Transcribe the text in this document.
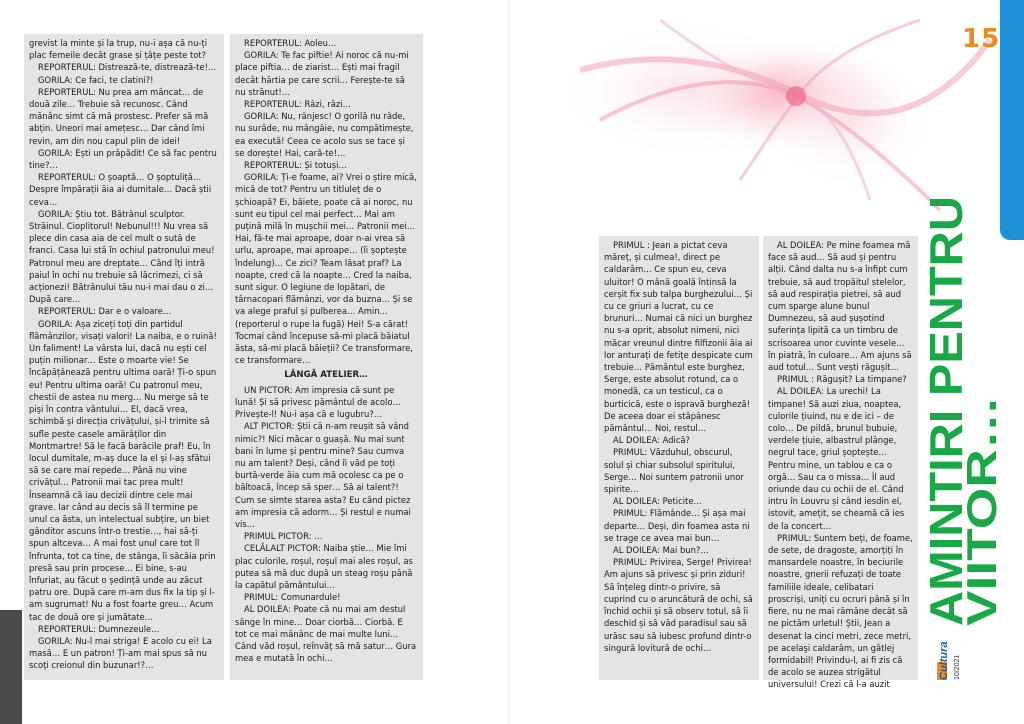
grevist la minte și la trup, nu-i așa că nu-ți plac femeile decât grase și țâțe peste tot?

REPORTERUL: Distrează-te, distrează-te!…

GORILA: Ce faci, te clatini?!

REPORTERUL: Nu prea am mâncat… de două zile… Trebuie să recunosc. Când mănânc simt că mă prostesc. Prefer să mă abțin. Uneori mai amețesc… Dar când îmi revin, am din nou capul plin de idei!

GORILA: Ești un prăpădit! Ce să fac pentru tine?…

REPORTERUL: O șoaptă… O șoptuliță… Despre împărații ăia ai dumitale… Dacă știi ceva…

GORILA: Știu tot. Bătrânul sculptor. Străinul. Cioplitorul! Nebunul!!! Nu vrea să plece din casa aia de cel mult o sută de franci. Casa lui stă în ochiul patronului meu! Patronul meu are dreptate… Când îți intră paiul în ochi nu trebuie să lăcrimezi, ci să acționezi! Bătrânului tău nu-i mai dau o zi… După care…

REPORTERUL: Dar e o valoare…

GORILA: Așa ziceți toți din partidul flămânzilor, visați valori! La naiba, e o ruină! Un faliment! La vârsta lui, dacă nu ești cel puțin milionar… Este o moarte vie! Se încăpățânează pentru ultima oară! Ți-o spun eu! Pentru ultima oară! Cu patronul meu, chestii de astea nu merg… Nu merge să te pişi în contra vântului… El, dacă vrea, schimbă și direcția crivățului, și-l trimite să sufle peste casele amărâților din Montmartre! Să le facă barăcile praf! Eu, în locul dumitale, m-aș duce la el și l-aș sfătui să se care mai repede… Până nu vine crivățul… Patronii mai tac prea mult! Înseamnă că iau decizii dintre cele mai grave. Iar când au decis să îl termine pe unul ca ăsta, un intelectual subțire, un biet gânditor ascuns într-o trestie…, hai să-ți spun altceva… A mai fost unul care tot îl înfrunta, tot ca tine, de stânga, îi săcâia prin presă sau prin procese… Ei bine, s-au înfuriat, au făcut o ședință unde au zăcut patru ore. După care m-am dus fix la tip și l-am sugrumat! Nu a fost foarte greu… Acum tac de două ore și jumătate…

REPORTERUL: Dumnezeule…

GORILA: Nu-l mai striga! E acolo cu ei! La masă… E un patron! Ți-am mai spus să nu scoți creionul din buzunar!?…

REPORTERUL: Aoleu…

GORILA: Te fac piftie! Ai noroc că nu-mi place piftia… de ziarist… Ești mai fragil decât hârtia pe care scrii… Ferește-te să nu strănut!…

REPORTERUL: Râzi, râzi…

GORILA: Nu, rânjesc! O gorilă nu râde, nu surâde, nu mângâie, nu compătimește, ea execută! Ceea ce acolo sus se tace și se dorește! Hai, cară-te!…

REPORTERUL: Și totuși…

GORILA: Ți-e foame, ai? Vrei o știre mică, mică de tot? Pentru un titluleț de o șchioapă? Ei, băiete, poate că ai noroc, nu sunt eu tipul cel mai perfect… Mai am puțină milă în mușchii mei… Patronii mei… Hai, fă-te mai aproape, doar n-ai vrea să urlu, aproape, mai aproape… (îi șoptește îndelung)… Ce zici? Team lăsat praf? La noapte, cred că la noapte… Cred la naiba, sunt sigur. O legiune de lopătari, de târnacopari flămânzi, vor da buzna… Și se va alege praful și pulberea… Amin… (reporterul o rupe la fugă) Hei! S-a cărat! Tocmai când începuse să-mi placă băiatul ăsta, să-mi placă băieții? Ce transformare, ce transformare…

LÂNGĂ ATELIER…

UN PICTOR: Am impresia că sunt pe lună! Și să privesc pământul de acolo… Privește-l! Nu-i așa că e lugubru?…

ALT PICTOR: Știi că n-am reușit să vând nimic?! Nici măcar o guașă. Nu mai sunt bani în lume și pentru mine? Sau cumva nu am talent? Deși, când îi văd pe toți burtă-verde ăia cum mă ocolesc ca pe o băltoacă, încep să sper… Să ai talent?! Cum se simte starea asta? Eu când pictez am impresia că adorm… Și restul e numai vis…

PRIMUL PICTOR: …

CELĂLALT PICTOR: Naiba știe… Mie îmi plac culorile, roșul, roșul mai ales roșul, as putea să mă duc după un steag roșu până la capătul pământului…

PRIMUL: Comunardule!

AL DOILEA: Poate că nu mai am destul sânge în mine… Doar ciorbă… Ciorbă. E tot ce mai mănânc de mai multe luni… Când văd roșul, reînvăț să mă satur… Gura mea e mutată în ochi…

15
AMINTIRI PENTRU
VIITOR…
Cultura 10/2021

PRIMUL : Jean a pictat ceva măreț, și culmea!, direct pe caldarâm… Ce spun eu, ceva uluitor! O mână goală întinsă la cerșit fix sub talpa burghezului… Și cu ce griuri a lucrat, cu ce brunuri… Numai că nici un burghez nu s-a oprit, absolut nimeni, nici măcar vreunul dintre filfizonii ăia ai lor anturați de fetițe despicate cum trebuie… Pământul este burghez, Serge, este absolut rotund, ca o monedă, ca un testicul, ca o burticică, este o ispravă burgheză! De aceea doar ei stăpânesc pământul… Noi, restul…

AL DOILEA: Adică?

PRIMUL: Văzduhul, obscurul, solul și chiar subsolul spiritului, Serge… Noi suntem patronii unor spirite…

AL DOILEA: Peticite…

PRIMUL: Flămânde… Și așa mai departe… Deși, din foamea asta ni se trage ce avea mai bun…

AL DOILEA: Mai bun?…

PRIMUL: Privirea, Serge! Privirea! Am ajuns să privesc și prin ziduri! Să înțeleg dintr-o privire, să cuprind cu o aruncătură de ochi, să închid ochii și să observ totul, să îi deschid și să văd paradisul sau să urăsc sau să iubesc profund dintr-o singură lovitură de ochi…

AL DOILEA: Pe mine foamea mă face să aud… Să aud și pentru alții. Când dalta nu s-a înfipt cum trebuie, să aud tropăitul stelelor, să aud respirația pietrei, să aud cum sparge alune bunul Dumnezeu, să aud șușotind suferința lipită ca un timbru de scrisoarea unor cuvinte vesele… în piatră, în culoare… Am ajuns să aud totul… Sunt vești răgușit…

PRIMUL : Răgușit? La timpane?

AL DOILEA: La urechi! La timpane! Să auzi ziua, noaptea, culorile țiuind, nu e de ici – de colo… De pildă, brunul bubuie, verdele țiuie, albastrul plânge, negrul tace, griul șoptește… Pentru mine, un tablou e ca o orgă… Sau ca o missa… Îl aud oriunde dau cu ochii de el. Când intru în Louvru și când iesdin el, istovit, amețit, se cheamă că ies de la concert…

PRIMUL: Suntem beți, de foame, de sete, de dragoste, amorțiți în mansardele noastre, în beciurile noastre, gnerii refuzați de toate familiile ideale, celibatari proscriși, uniți cu ocruri până și în fiere, nu ne mai rămâne decât să ne pictăm urletul! Știi, Jean a desenat la cinci metri, zece metri, pe acelaşi caldarâm, un gâtlej formidabil! Privindu-l, ai fi zis că de acolo se auzea strigătul universului! Crezi că l-a auzit
